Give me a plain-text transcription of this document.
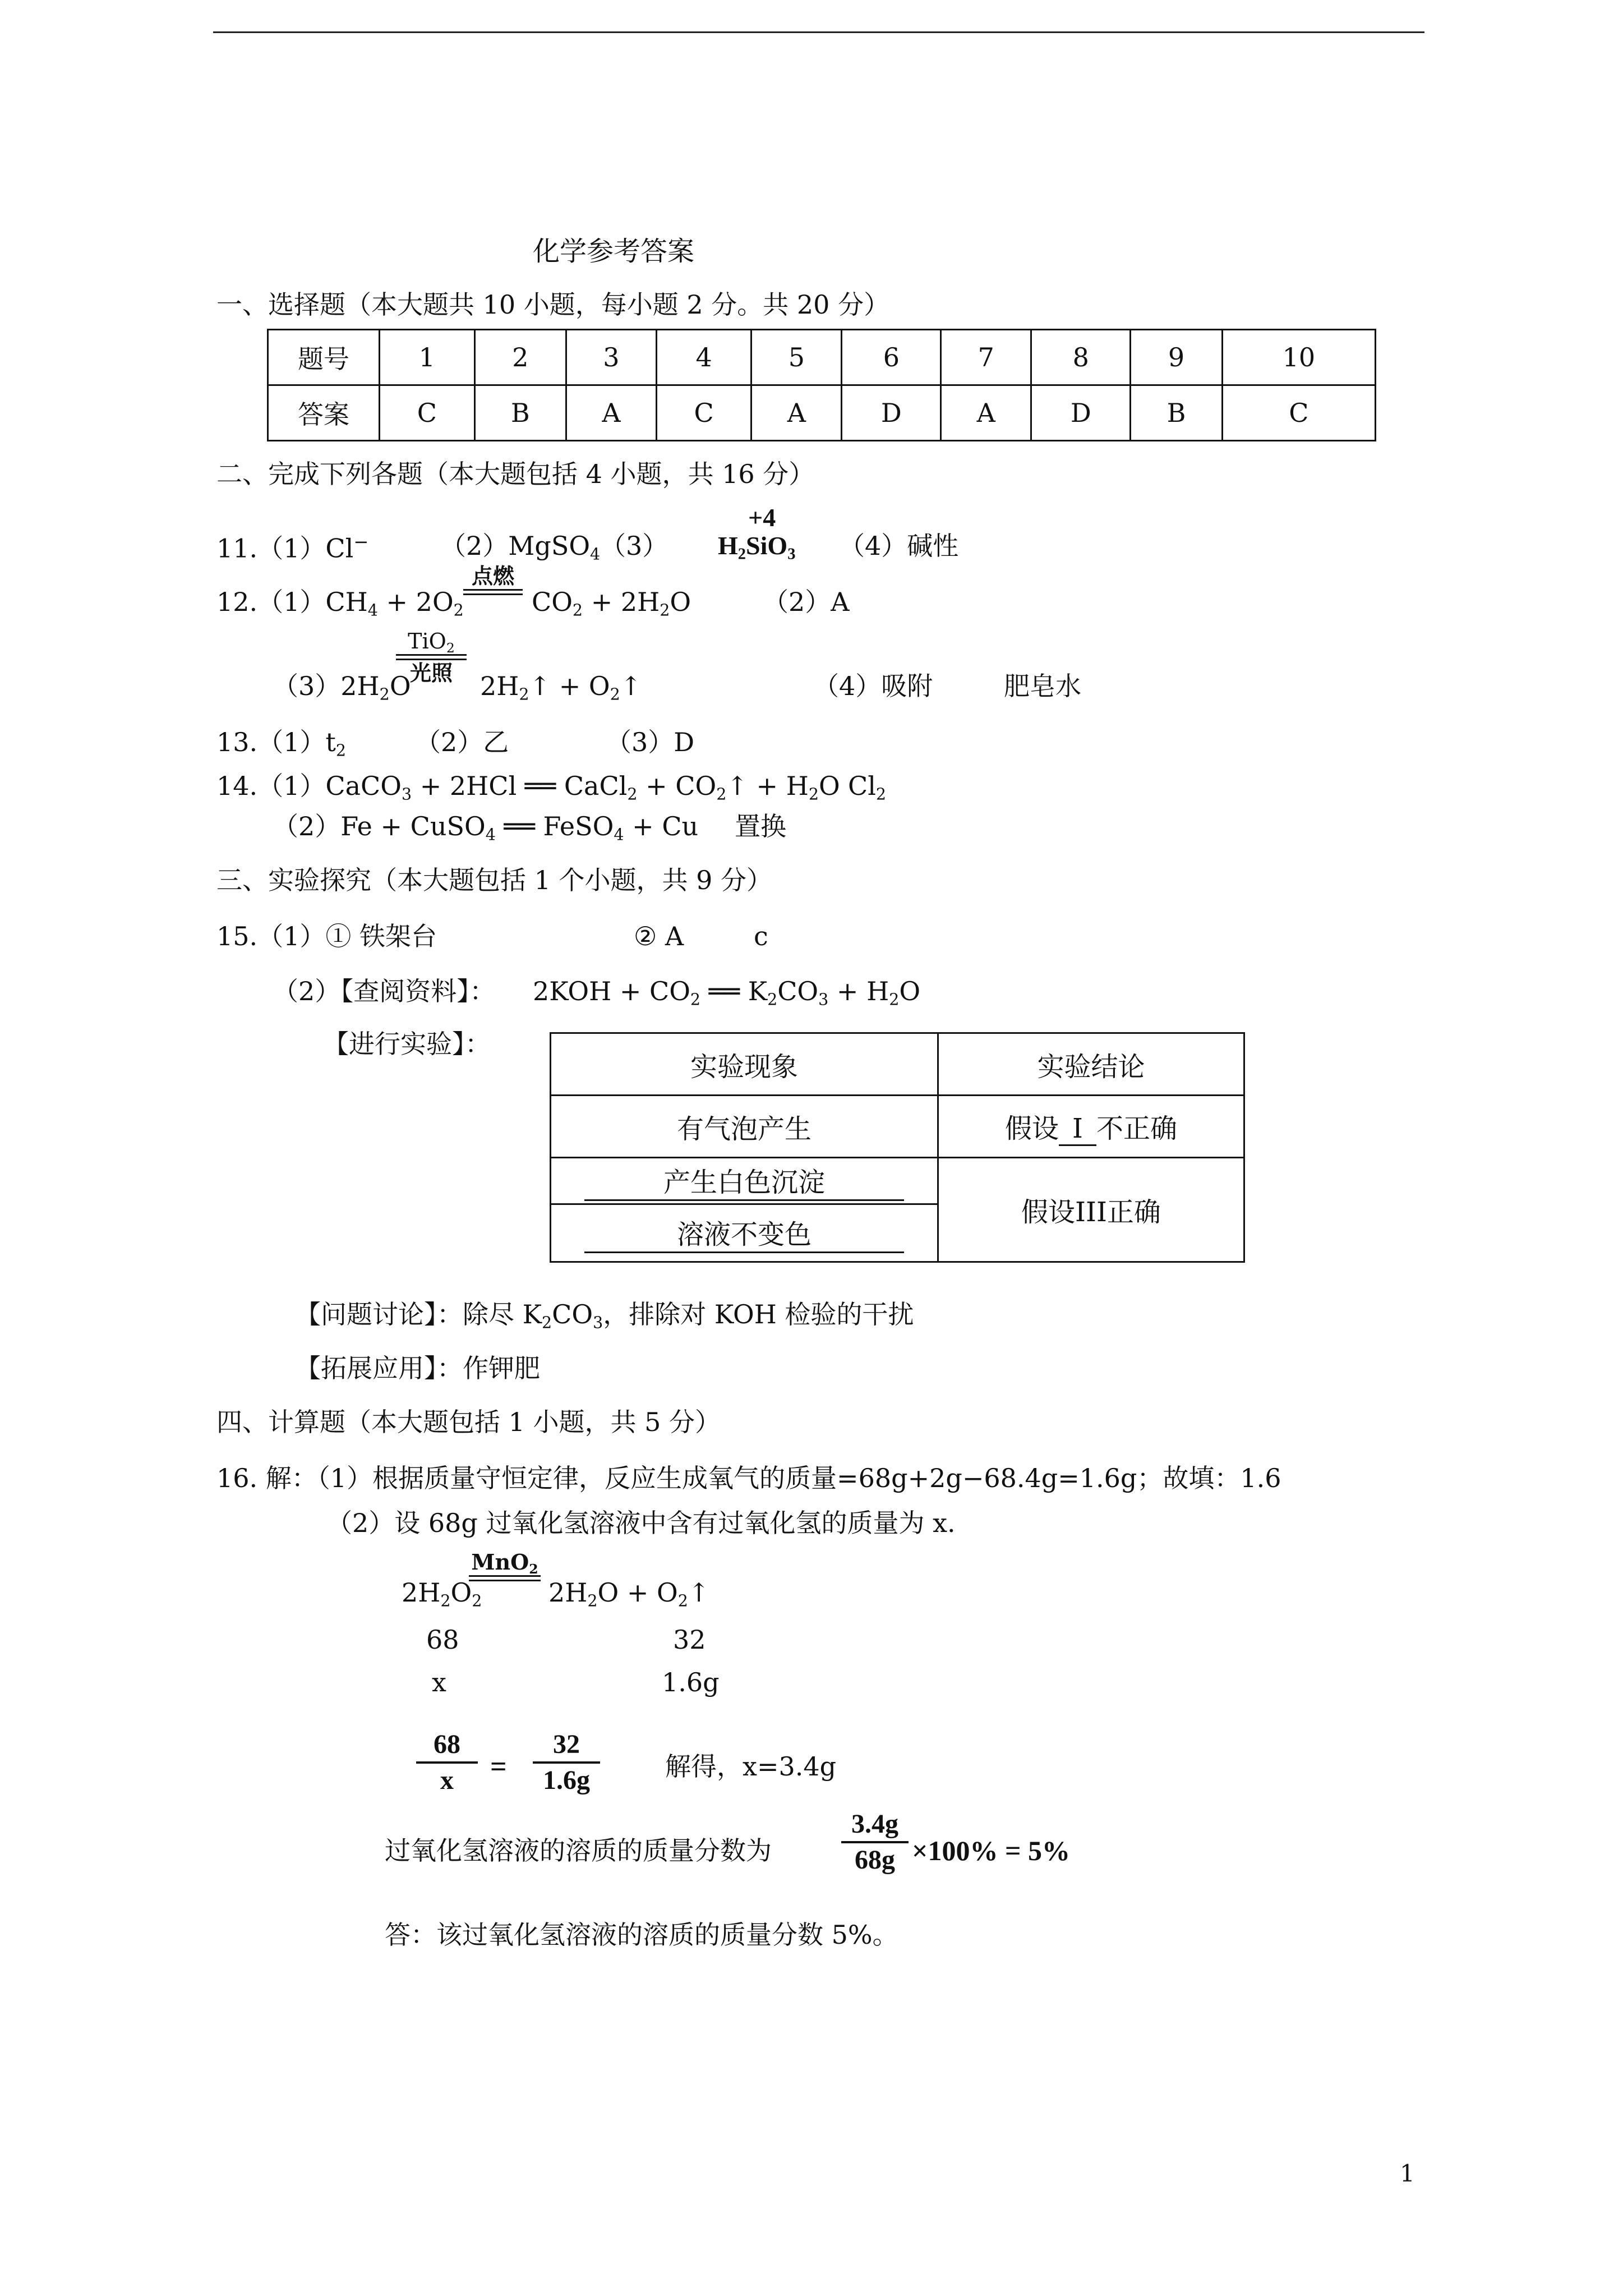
化学参考答案
一、选择题（本大题共 10 小题，每小题 2 分。共 20 分）
题号	1	2	3	4	5	6	7	8	9	10
答案	C	B	A	C	A	D	A	D	B	C
二、完成下列各题（本大题包括 4 小题，共 16 分）
11.（1）Cl−	（2）MgSO$_4$ （3）
+4
$H_2SiO_3$ （4）碱性
$12.(1)CH_4 + 2O_2$
点燃
$CO_2 + 2H_2O$	（2）A
$(3)2H_2O$
TiO$_2$
光照	$2H_2↑$ + $O_2↑$	（4）吸附	肥皂水
$13.(1)t_2$	（2）乙	（3）D
14.（1）CaCO$_3$ + 2HCl ══ CaCl$_2$ + $CO_2↑ + H_2O$ $Cl_2$
（2）Fe + CuSO$_4$ ══ FeSO$_4$ + Cu 置换
三、实验探究（本大题包括 1 个小题，共 9 分）
15.（1）① 铁架台	② A	c
（2）【查阅资料】： $2KOH + CO_2$ ══ $K_2CO_3 + H_2O$
【进行实验】：
实验现象	实验结论
有气泡产生	假设 I 不正确
产生白色沉淀	假设III正确
溶液不变色	
【问题讨论】：除尽 $K_2CO_3$，排除对 KOH 检验的干扰
【拓展应用】：作钾肥
四、计算题（本大题包括 1 小题，共 5 分）
16. 解：（1）根据质量守恒定律，反应生成氧气的质量=68g+2g−68.4g=1.6g；故填：1.6
（2）设 68g 过氧化氢溶液中含有过氧化氢的质量为 x.
$2H_2O_2$
MnO$_2$
$2H_2O$ + $O_2↑$
68	32
x	1.6g
68
x	=
32
1.6g	解得，x=3.4g
过氧化氢溶液的溶质的质量分数为
3.4g
68g ×100% = 5%
答：该过氧化氢溶液的溶质的质量分数 5%。
1
